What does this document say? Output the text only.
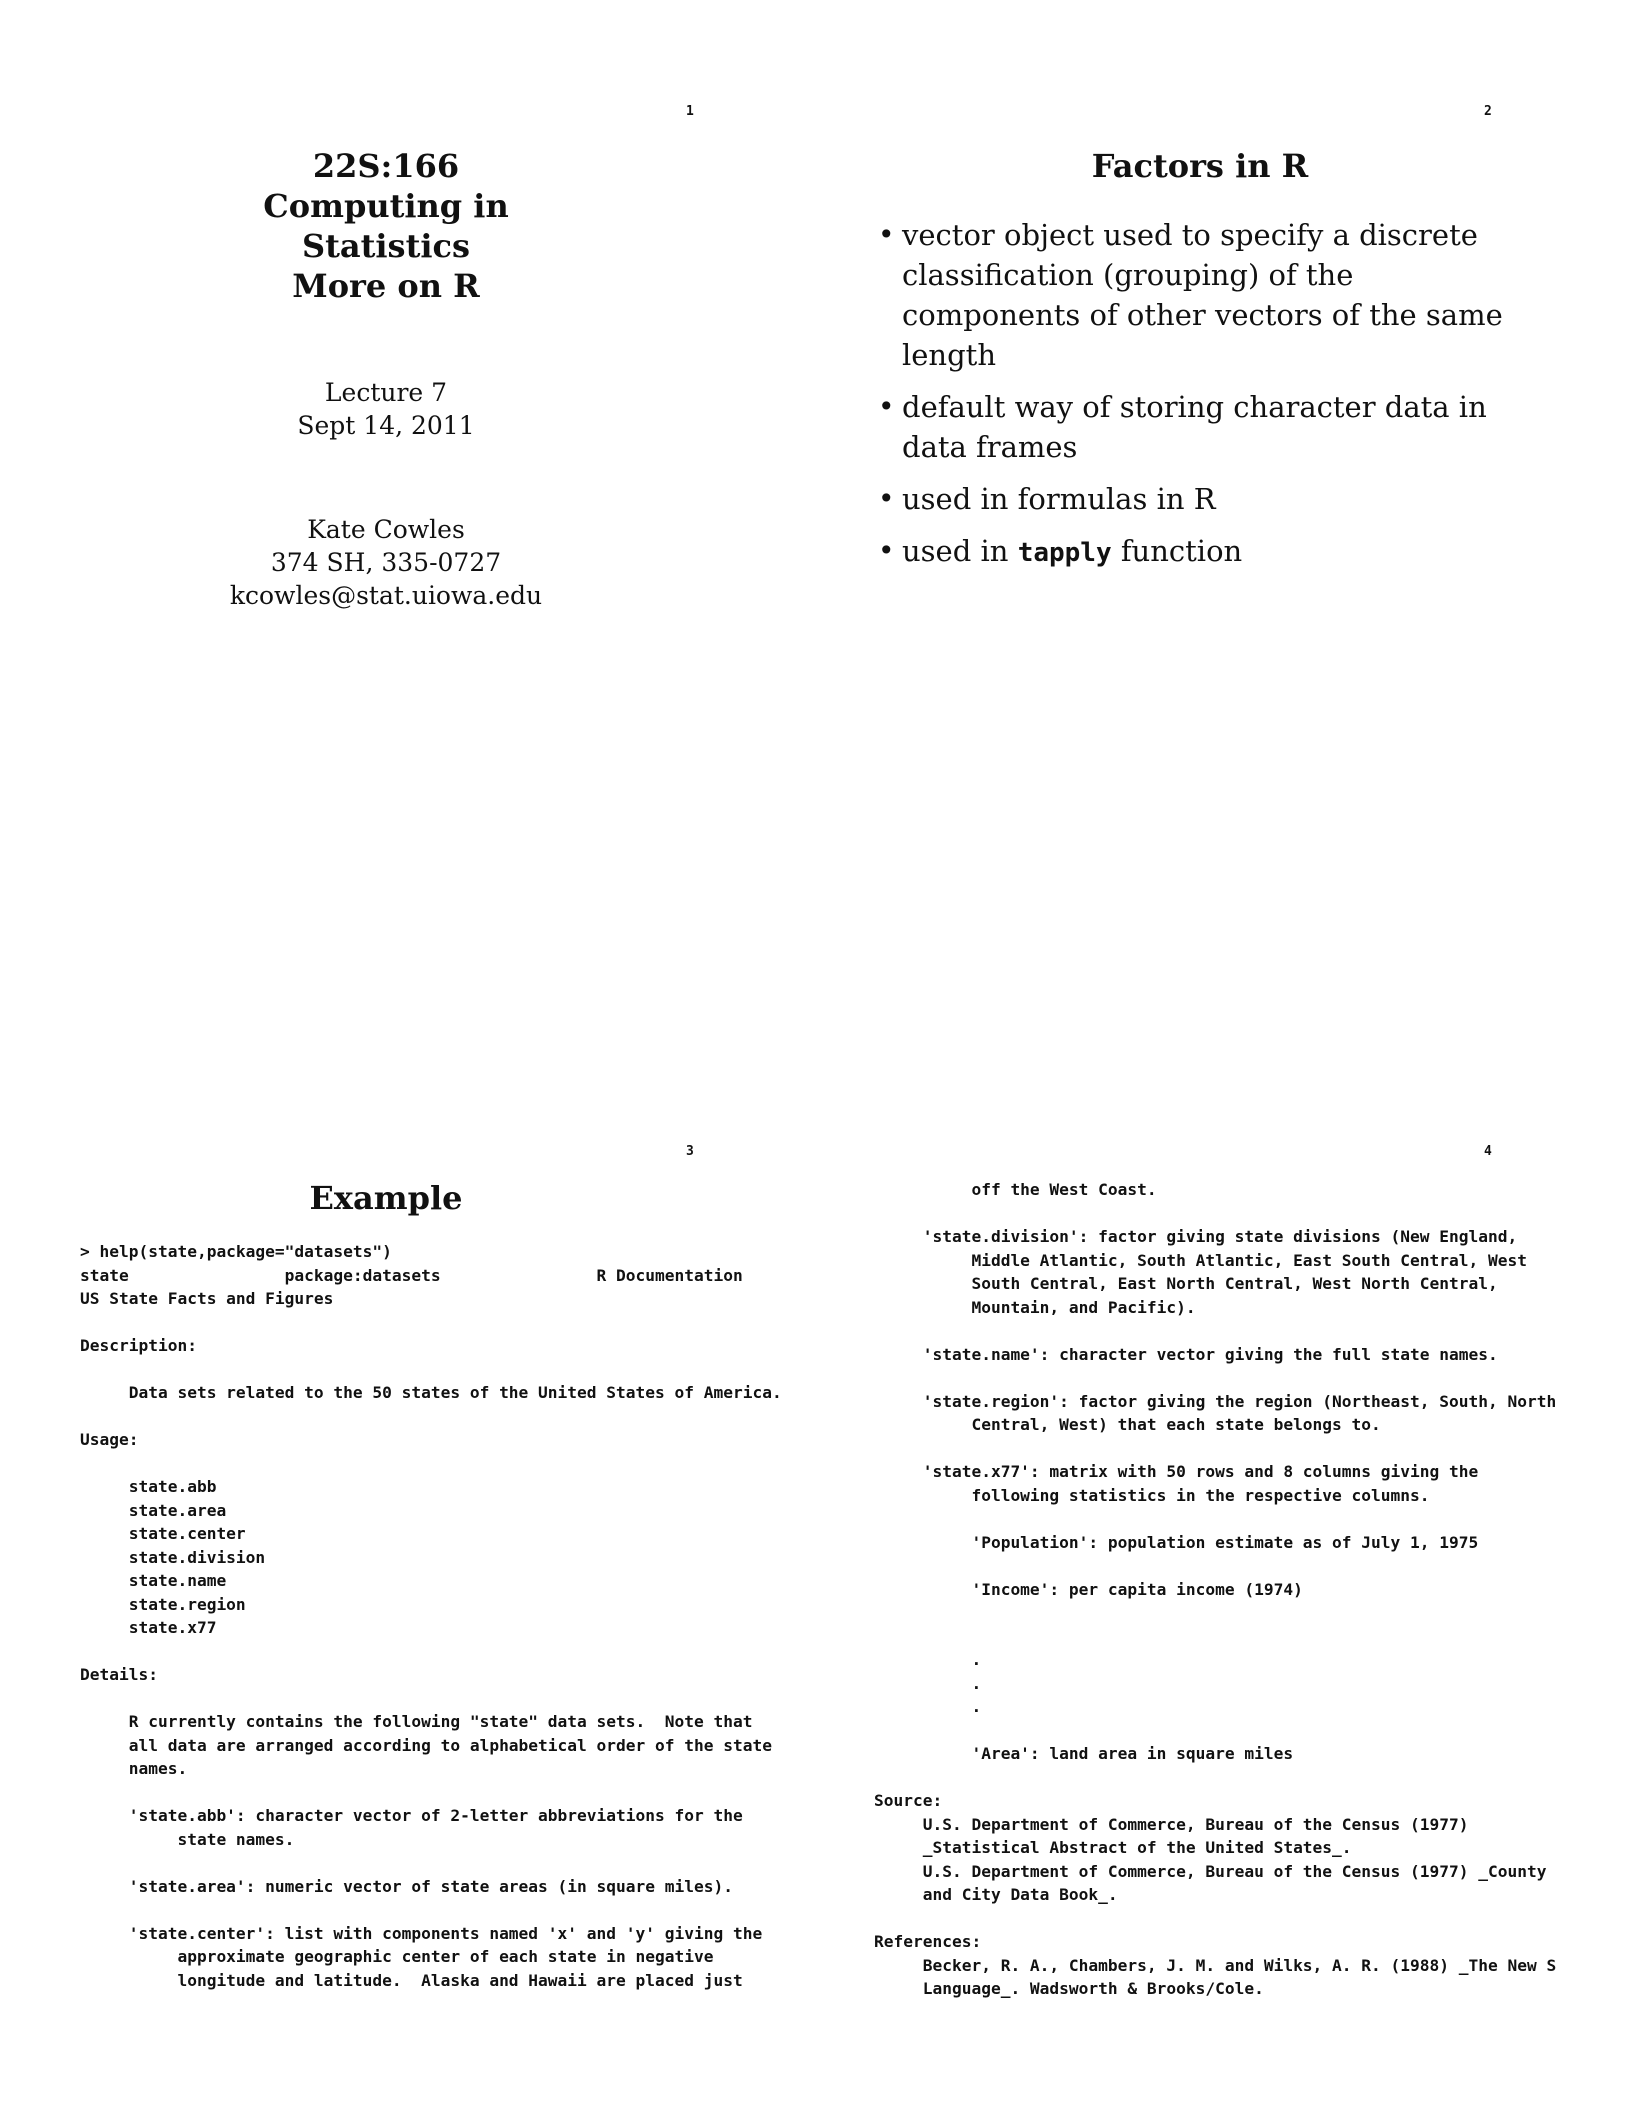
1
22S:166
Computing in Statistics
More on R
Lecture 7
Sept 14, 2011
Kate Cowles
374 SH, 335-0727
kcowles@stat.uiowa.edu
2
Factors in R
• vector object used to specify a discrete classification (grouping) of the components of other vectors of the same length
• default way of storing character data in data frames
• used in formulas in R
• used in tapply function
3
Example
> help(state,package="datasets")
state                package:datasets                R Documentation
US State Facts and Figures

Description:

Data sets related to the 50 states of the United States of America.

Usage:

state.abb
state.area
state.center
state.division
state.name
state.region
state.x77

Details:

R currently contains the following "state" data sets.  Note that
all data are arranged according to alphabetical order of the state
names.

'state.abb': character vector of 2-letter abbreviations for the
state names.

'state.area': numeric vector of state areas (in square miles).

'state.center': list with components named 'x' and 'y' giving the
approximate geographic center of each state in negative
longitude and latitude.  Alaska and Hawaii are placed just
4
off the West Coast.

'state.division': factor giving state divisions (New England,
Middle Atlantic, South Atlantic, East South Central, West
South Central, East North Central, West North Central,
Mountain, and Pacific).

'state.name': character vector giving the full state names.

'state.region': factor giving the region (Northeast, South, North
Central, West) that each state belongs to.

'state.x77': matrix with 50 rows and 8 columns giving the
following statistics in the respective columns.

'Population': population estimate as of July 1, 1975

'Income': per capita income (1974)

.
.
.

'Area': land area in square miles

Source:
U.S. Department of Commerce, Bureau of the Census (1977)
_Statistical Abstract of the United States_.
U.S. Department of Commerce, Bureau of the Census (1977) _County
and City Data Book_.

References:
Becker, R. A., Chambers, J. M. and Wilks, A. R. (1988) _The New S
Language_. Wadsworth & Brooks/Cole.
